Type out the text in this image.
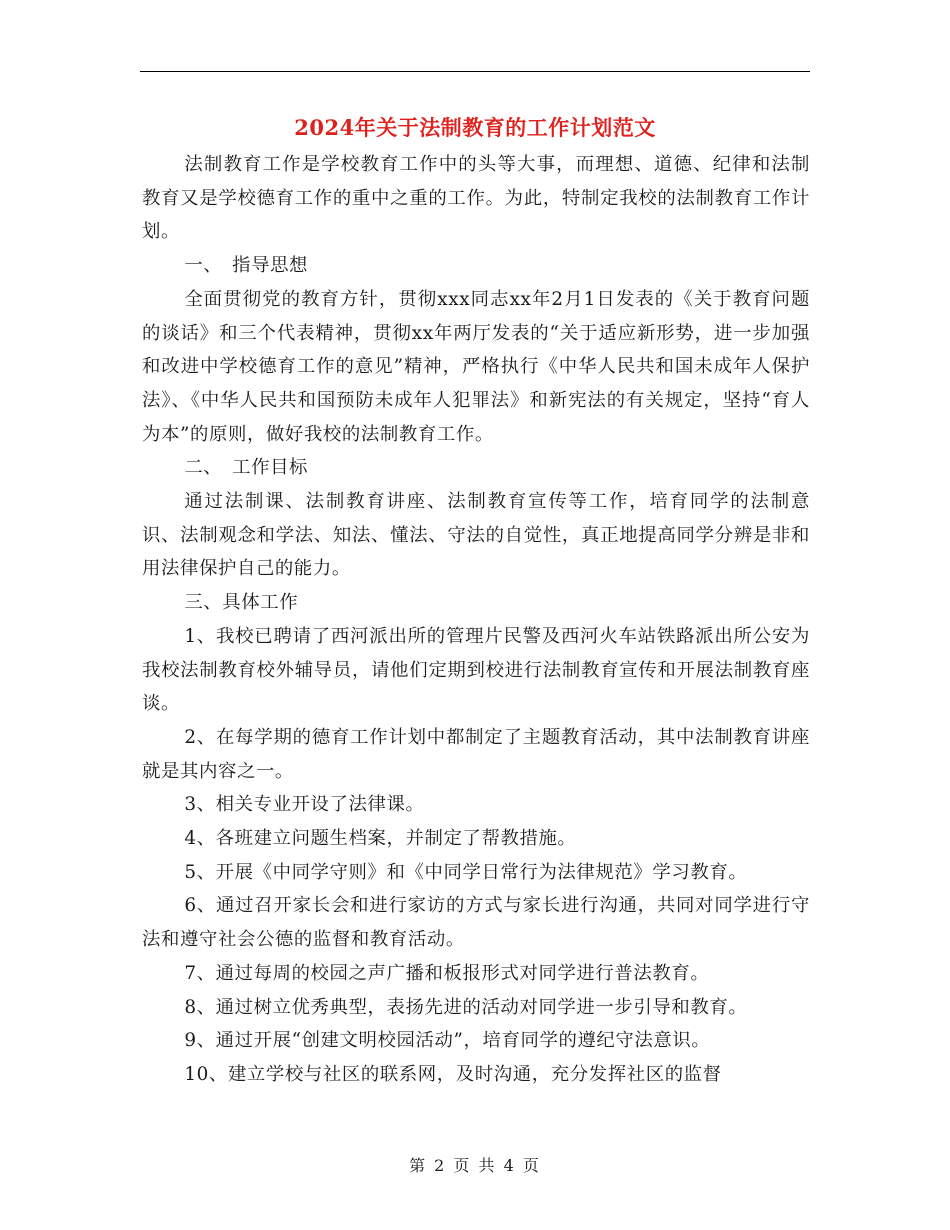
2024年关于法制教育的工作计划范文

法制教育工作是学校教育工作中的头等大事，而理想、道德、纪律和法制教育又是学校德育工作的重中之重的工作。为此，特制定我校的法制教育工作计划。

一、　指导思想

全面贯彻党的教育方针，贯彻xxx同志xx年2月1日发表的《关于教育问题的谈话》和三个代表精神，贯彻xx年两厅发表的“关于适应新形势，进一步加强和改进中学校德育工作的意见”精神，严格执行《中华人民共和国未成年人保护法》、《中华人民共和国预防未成年人犯罪法》和新宪法的有关规定，坚持“育人为本”的原则，做好我校的法制教育工作。

二、　工作目标

通过法制课、法制教育讲座、法制教育宣传等工作，培育同学的法制意识、法制观念和学法、知法、懂法、守法的自觉性，真正地提高同学分辨是非和用法律保护自己的能力。

三、具体工作

1、我校已聘请了西河派出所的管理片民警及西河火车站铁路派出所公安为我校法制教育校外辅导员，请他们定期到校进行法制教育宣传和开展法制教育座谈。

2、在每学期的德育工作计划中都制定了主题教育活动，其中法制教育讲座就是其内容之一。

3、相关专业开设了法律课。

4、各班建立问题生档案，并制定了帮教措施。

5、开展《中同学守则》和《中同学日常行为法律规范》学习教育。

6、通过召开家长会和进行家访的方式与家长进行沟通，共同对同学进行守法和遵守社会公德的监督和教育活动。

7、通过每周的校园之声广播和板报形式对同学进行普法教育。

8、通过树立优秀典型，表扬先进的活动对同学进一步引导和教育。

9、通过开展“创建文明校园活动”，培育同学的遵纪守法意识。

10、建立学校与社区的联系网，及时沟通，充分发挥社区的监督

第 2 页 共 4 页
